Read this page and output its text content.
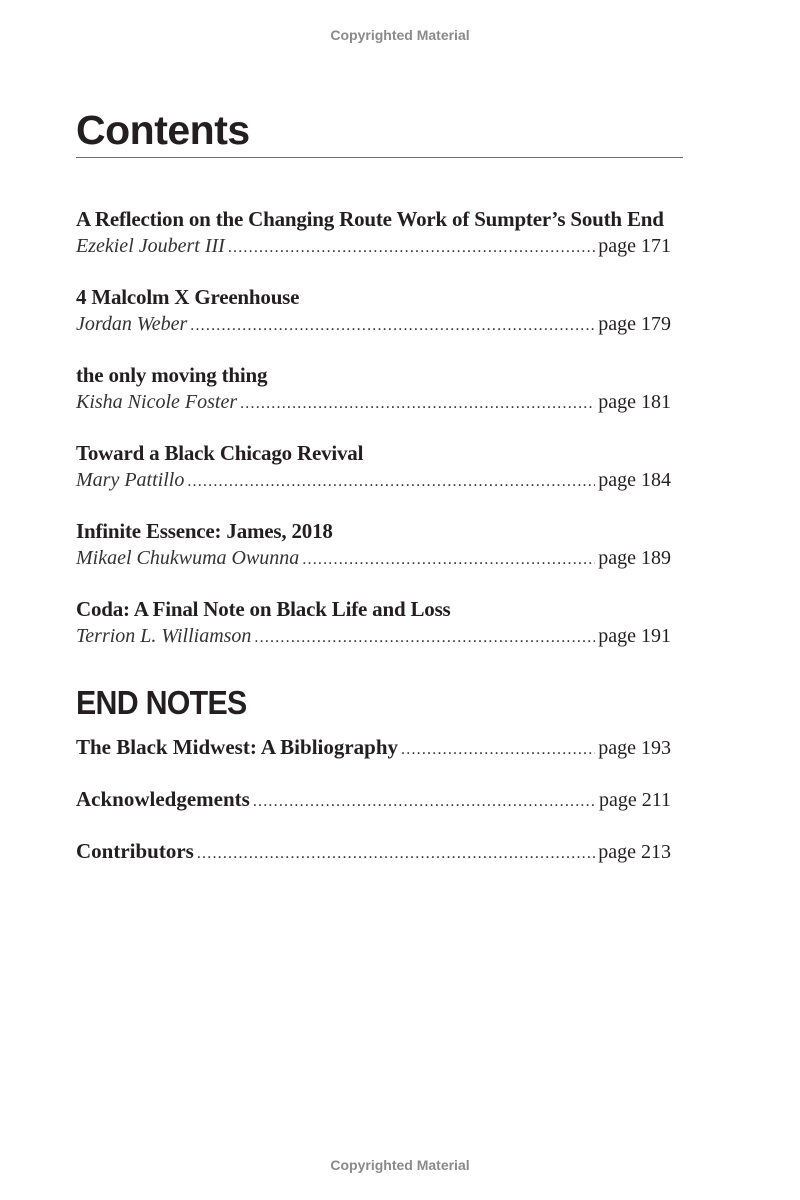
Copyrighted Material
Contents
A Reflection on the Changing Route Work of Sumpter’s South End
Ezekiel Joubert III .....	page 171
4 Malcolm X Greenhouse
Jordan Weber .....	page 179
the only moving thing
Kisha Nicole Foster .....	page 181
Toward a Black Chicago Revival
Mary Pattillo .....	page 184
Infinite Essence: James, 2018
Mikael Chukwuma Owunna .....	page 189
Coda: A Final Note on Black Life and Loss
Terrion L. Williamson .....	page 191
END NOTES
The Black Midwest: A Bibliography .....	page 193
Acknowledgements .....	page 211
Contributors .....	page 213
Copyrighted Material
